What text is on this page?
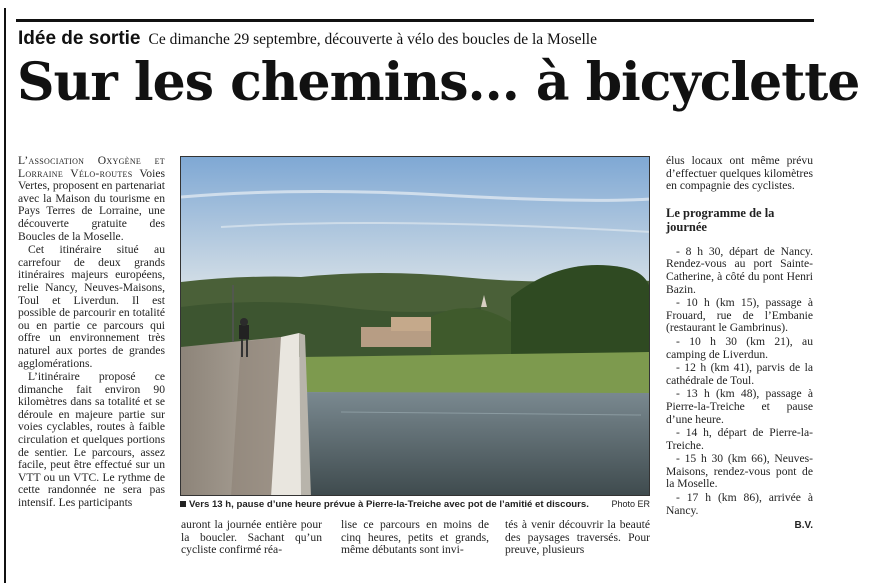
Idée de sortie Ce dimanche 29 septembre, découverte à vélo des boucles de la Moselle
Sur les chemins... à bicyclette

L’association Oxygène et Lorraine Vélo-routes Voies Vertes, proposent en partenariat avec la Maison du tourisme en Pays Terres de Lorraine, une découverte gratuite des Boucles de la Moselle.

Cet itinéraire situé au carrefour de deux grands itinéraires majeurs européens, relie Nancy, Neuves-Maisons, Toul et Liverdun. Il est possible de parcourir en totalité ou en partie ce parcours qui offre un environnement très naturel aux portes de grandes agglomérations.

L’itinéraire proposé ce dimanche fait environ 90 kilomètres dans sa totalité et se déroule en majeure partie sur voies cyclables, routes à faible circulation et quelques portions de sentier. Le parcours, assez facile, peut être effectué sur un VTT ou un VTC. Le rythme de cette randonnée ne sera pas intensif. Les participants	Vers 13 h, pause d’une heure prévue à Pierre-la-Treiche avec pot de l’amitié et discours.	Photo ER

auront la journée entière pour la boucler. Sachant qu’un cycliste confirmé réa-

lise ce parcours en moins de cinq heures, petits et grands, même débutants sont invi-

tés à venir découvrir la beauté des paysages traversés. Pour preuve, plusieurs

élus locaux ont même prévu d’effectuer quelques kilomètres en compagnie des cyclistes.

Le programme de la journée
- 8 h 30, départ de Nancy. Rendez-vous au port Sainte-Catherine, à côté du pont Henri Bazin.
- 10 h (km 15), passage à Frouard, rue de l’Embanie (restaurant le Gambrinus).
- 10 h 30 (km 21), au camping de Liverdun.
- 12 h (km 41), parvis de la cathédrale de Toul.
- 13 h (km 48), passage à Pierre-la-Treiche et pause d’une heure.
- 14 h, départ de Pierre-la-Treiche.
- 15 h 30 (km 66), Neuves-Maisons, rendez-vous pont de la Moselle.
- 17 h (km 86), arrivée à Nancy.
B.V.
